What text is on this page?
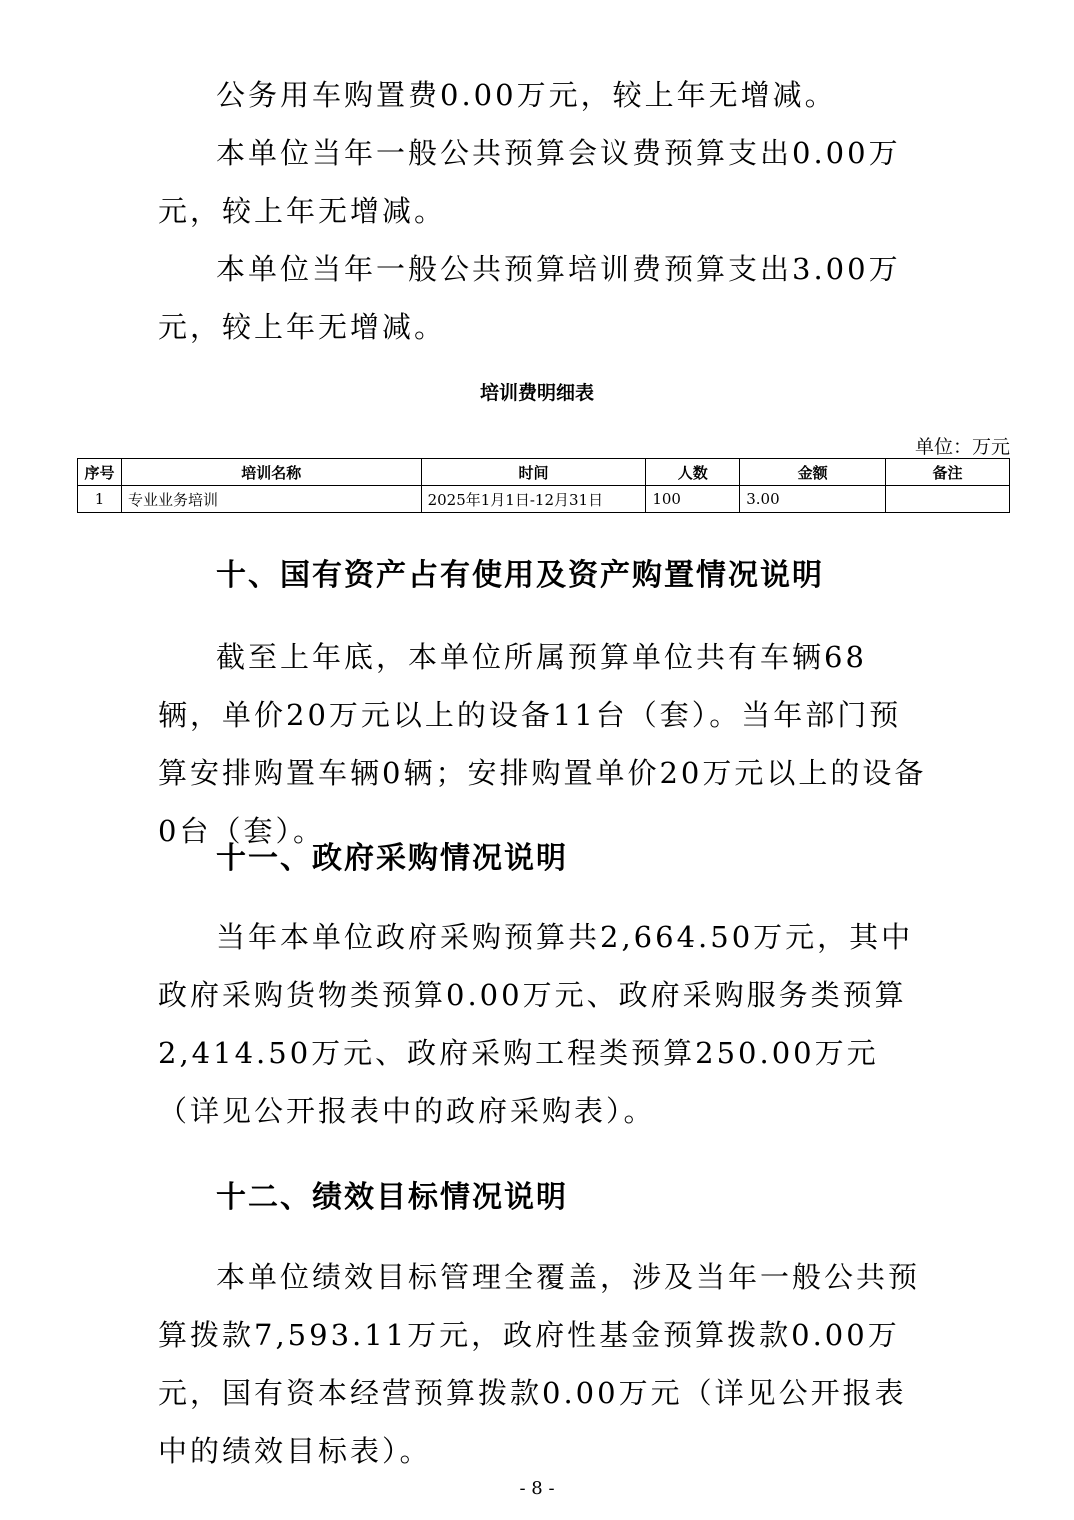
公务用车购置费0.00万元，较上年无增减。

本单位当年一般公共预算会议费预算支出0.00万元，较上年无增减。

本单位当年一般公共预算培训费预算支出3.00万元，较上年无增减。

培训费明细表

单位：万元

序号	培训名称	时间	人数	金额	备注
1	专业业务培训	2025年1月1日-12月31日	100	3.00	
十、国有资产占有使用及资产购置情况说明

截至上年底，本单位所属预算单位共有车辆68辆，单价20万元以上的设备11台（套）。当年部门预算安排购置车辆0辆；安排购置单价20万元以上的设备0台（套）。

十一、政府采购情况说明

当年本单位政府采购预算共2,664.50万元，其中政府采购货物类预算0.00万元、政府采购服务类预算2,414.50万元、政府采购工程类预算250.00万元（详见公开报表中的政府采购表）。

十二、绩效目标情况说明

本单位绩效目标管理全覆盖，涉及当年一般公共预算拨款7,593.11万元，政府性基金预算拨款0.00万元，国有资本经营预算拨款0.00万元（详见公开报表中的绩效目标表）。

- 8 -
